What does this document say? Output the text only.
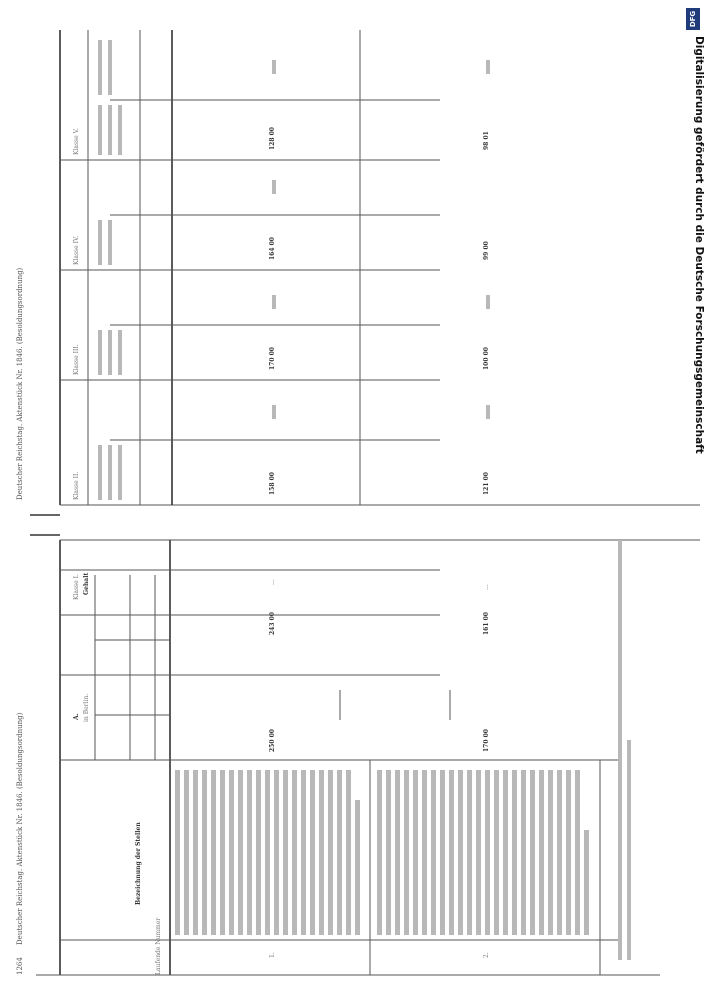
DFG
Digitalisierung gefördert durch die Deutsche Forschungsgemeinschaft
1264 Deutscher Reichstag. Aktenstück Nr. 1846. (Besoldungsordnung)
Laufende Nummer
Bezeichnung der Stellen
A. in Berlin.
Klasse I. Gehalt
1.	2.
250 00
243 00
...
170 00
161 00
...
Deutscher Reichstag. Aktenstück Nr. 1846. (Besoldungsordnung)	Klasse II.
Klasse III.
Klasse IV.
Klasse V.
158 00
170 00
164 00
128 00
121 00
100 00
99 00
98 01
